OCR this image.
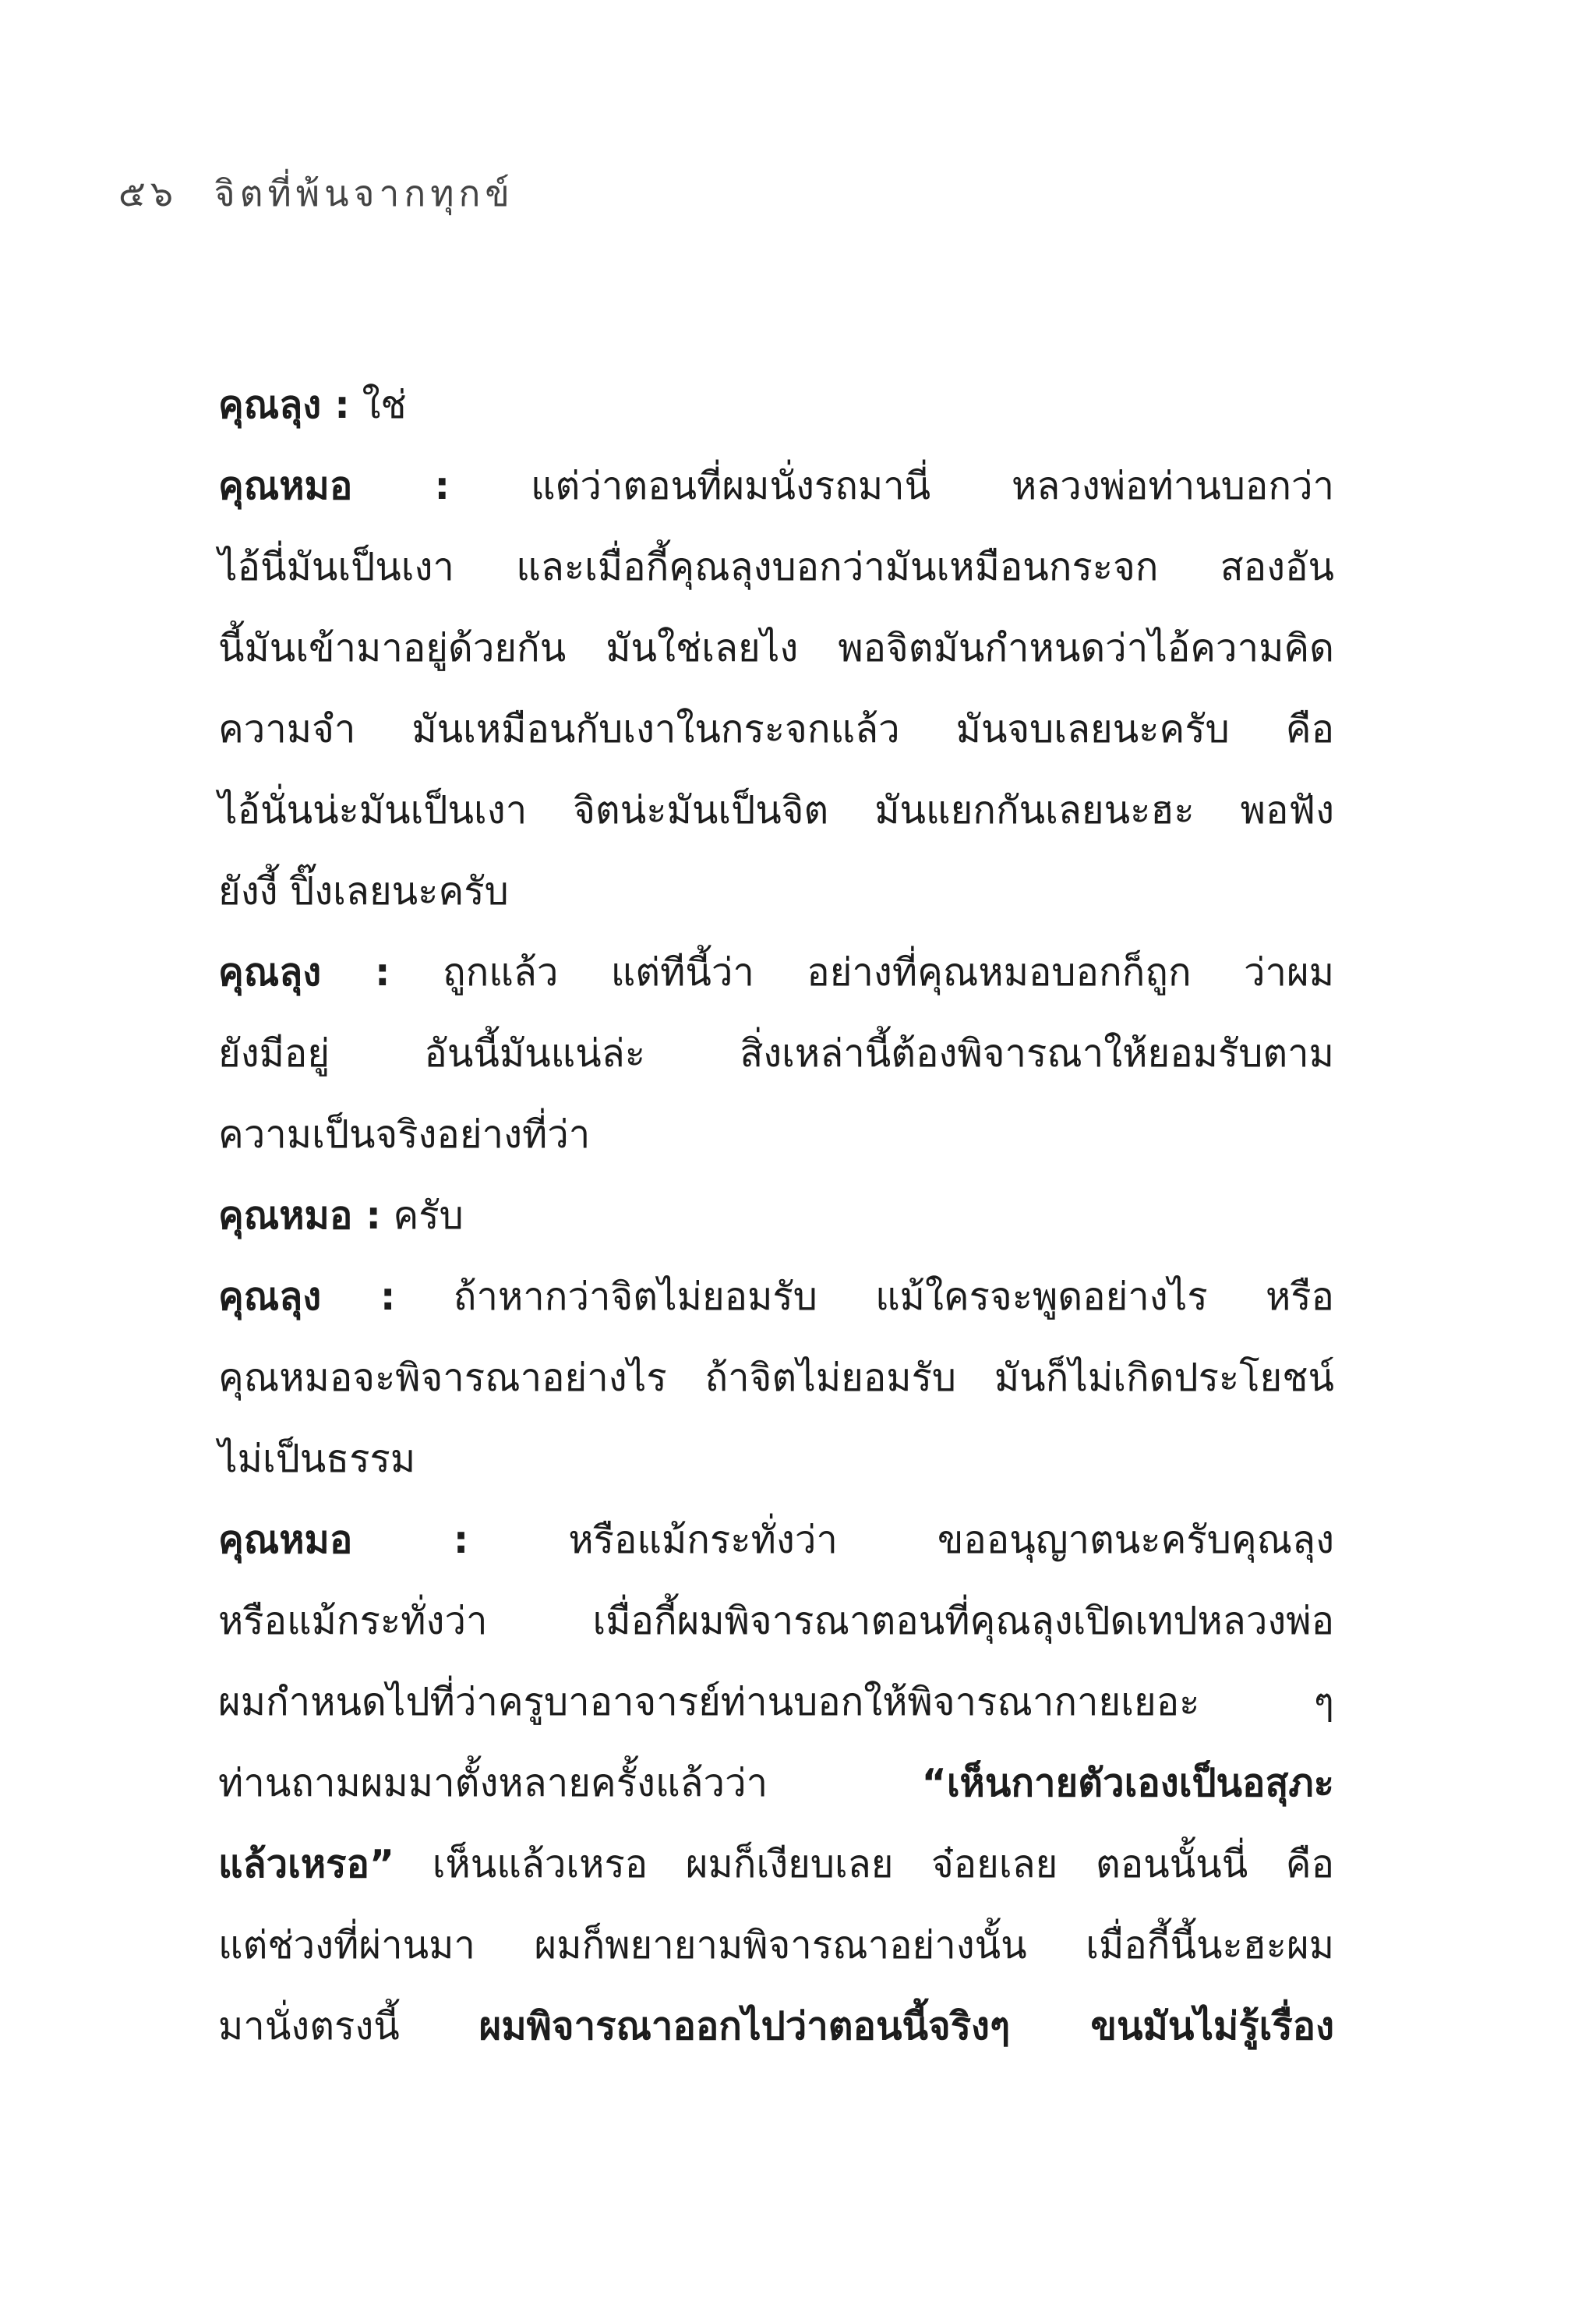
๕๖ จิตที่พ้นจากทุกข์
คุณลุง : ใช่
คุณหมอ : แต่ว่าตอนที่ผมนั่งรถมานี่ หลวงพ่อท่านบอกว่า
ไอ้นี่มันเป็นเงา และเมื่อกี้คุณลุงบอกว่ามันเหมือนกระจก สองอัน
นี้มันเข้ามาอยู่ด้วยกัน มันใช่เลยไง พอจิตมันกำหนดว่าไอ้ความคิด
ความจำ มันเหมือนกับเงาในกระจกแล้ว มันจบเลยนะครับ คือ
ไอ้นั่นน่ะมันเป็นเงา จิตน่ะมันเป็นจิต มันแยกกันเลยนะฮะ พอฟัง
ยังงี้ ปิ๊งเลยนะครับ
คุณลุง : ถูกแล้ว แต่ทีนี้ว่า อย่างที่คุณหมอบอกก็ถูก ว่าผม
ยังมีอยู่ อันนี้มันแน่ล่ะ สิ่งเหล่านี้ต้องพิจารณาให้ยอมรับตาม
ความเป็นจริงอย่างที่ว่า
คุณหมอ : ครับ
คุณลุง : ถ้าหากว่าจิตไม่ยอมรับ แม้ใครจะพูดอย่างไร หรือ
คุณหมอจะพิจารณาอย่างไร ถ้าจิตไม่ยอมรับ มันก็ไม่เกิดประโยชน์
ไม่เป็นธรรม
คุณหมอ :	หรือแม้กระทั่งว่า ขออนุญาตนะครับคุณลุง
หรือแม้กระทั่งว่า เมื่อกี้ผมพิจารณาตอนที่คุณลุงเปิดเทปหลวงพ่อ
ผมกำหนดไปที่ว่าครูบาอาจารย์ท่านบอกให้พิจารณากายเยอะ ๆ
ท่านถามผมมาตั้งหลายครั้งแล้วว่า	“เห็นกายตัวเองเป็นอสุภะ
แล้วเหรอ” เห็นแล้วเหรอ ผมก็เงียบเลย จ๋อยเลย ตอนนั้นนี่ คือ
แต่ช่วงที่ผ่านมา ผมก็พยายามพิจารณาอย่างนั้น เมื่อกี้นี้นะฮะผม
มานั่งตรงนี้ ผมพิจารณาออกไปว่าตอนนี้จริงๆ ขนมันไม่รู้เรื่อง
